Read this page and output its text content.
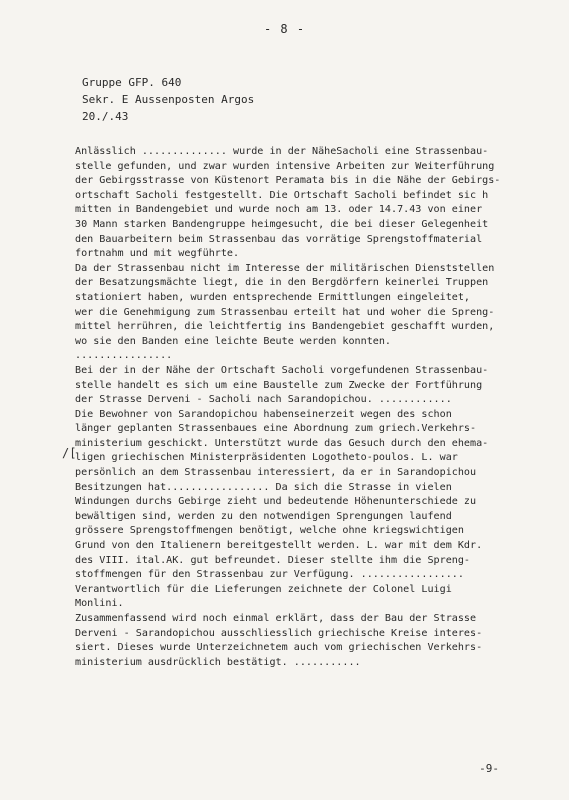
- 8 -
Gruppe GFP. 640
Sekr. E Aussenposten Argos
20./.43
/[
Anlässlich .............. wurde in der NäheSacholi eine Strassenbau-
stelle gefunden, und zwar wurden intensive Arbeiten zur Weiterführung
der Gebirgsstrasse von Küstenort Peramata bis in die Nähe der Gebirgs-
ortschaft Sacholi festgestellt. Die Ortschaft Sacholi befindet sic h
mitten in Bandengebiet und wurde noch am 13. oder 14.7.43 von einer
30 Mann starken Bandengruppe heimgesucht, die bei dieser Gelegenheit
den Bauarbeitern beim Strassenbau das vorrätige Sprengstoffmaterial
fortnahm und mit wegführte.
Da der Strassenbau nicht im Interesse der militärischen Dienststellen
der Besatzungsmächte liegt, die in den Bergdörfern keinerlei Truppen
stationiert haben, wurden entsprechende Ermittlungen eingeleitet,
wer die Genehmigung zum Strassenbau erteilt hat und woher die Spreng-
mittel herrühren, die leichtfertig ins Bandengebiet geschafft wurden,
wo sie den Banden eine leichte Beute werden konnten.
................
Bei der in der Nähe der Ortschaft Sacholi vorgefundenen Strassenbau-
stelle handelt es sich um eine Baustelle zum Zwecke der Fortführung
der Strasse Derveni - Sacholi nach Sarandopichou. ............
Die Bewohner von Sarandopichou habenseinerzeit wegen des schon
länger geplanten Strassenbaues eine Abordnung zum griech.Verkehrs-
ministerium geschickt. Unterstützt wurde das Gesuch durch den ehema-
ligen griechischen Ministerpräsidenten Logotheto-poulos. L. war
persönlich an dem Strassenbau interessiert, da er in Sarandopichou
Besitzungen hat................. Da sich die Strasse in vielen
Windungen durchs Gebirge zieht und bedeutende Höhenunterschiede zu
bewältigen sind, werden zu den notwendigen Sprengungen laufend
grössere Sprengstoffmengen benötigt, welche ohne kriegswichtigen
Grund von den Italienern bereitgestellt werden. L. war mit dem Kdr.
des VIII. ital.AK. gut befreundet. Dieser stellte ihm die Spreng-
stoffmengen für den Strassenbau zur Verfügung. .................
Verantwortlich für die Lieferungen zeichnete der Colonel Luigi
Monlini.
Zusammenfassend wird noch einmal erklärt, dass der Bau der Strasse
Derveni - Sarandopichou ausschliesslich griechische Kreise interes-
siert. Dieses wurde Unterzeichnetem auch vom griechischen Verkehrs-
ministerium ausdrücklich bestätigt. ...........
-9-
